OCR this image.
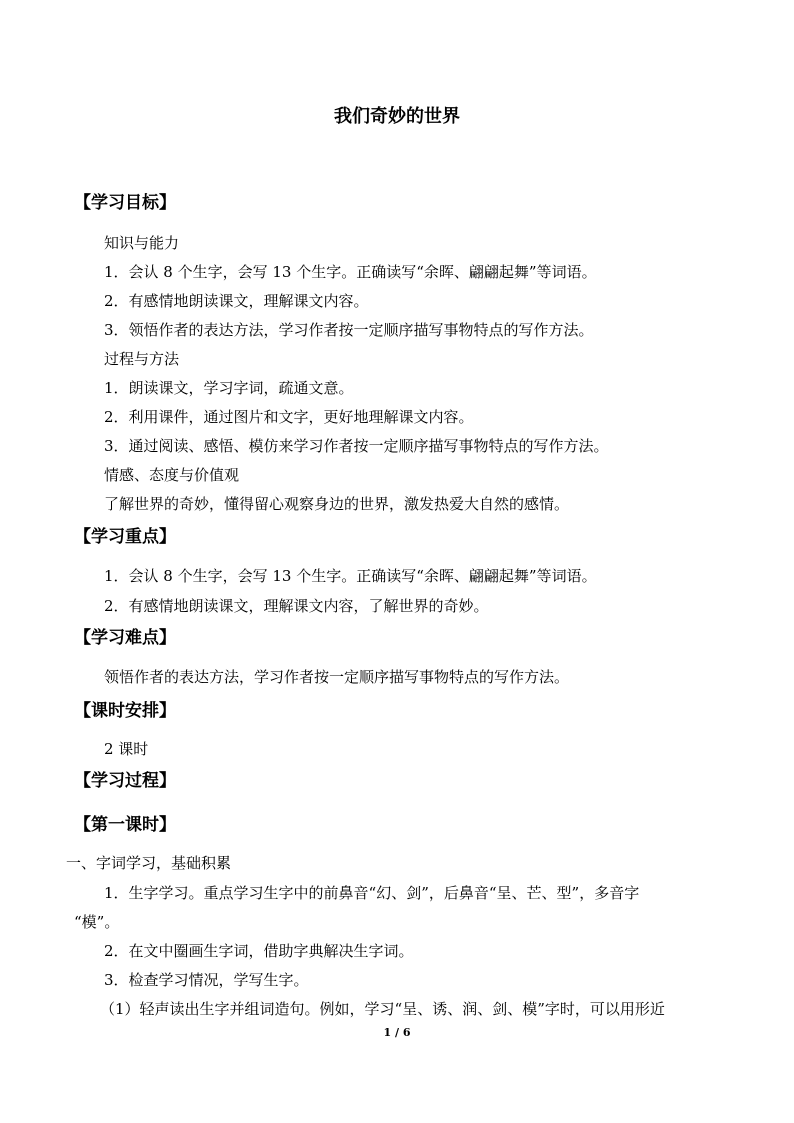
我们奇妙的世界
【学习目标】
知识与能力
1．会认 8 个生字，会写 13 个生字。正确读写“余晖、翩翩起舞”等词语。
2．有感情地朗读课文，理解课文内容。
3．领悟作者的表达方法，学习作者按一定顺序描写事物特点的写作方法。
过程与方法
1．朗读课文，学习字词，疏通文意。
2．利用课件，通过图片和文字，更好地理解课文内容。
3．通过阅读、感悟、模仿来学习作者按一定顺序描写事物特点的写作方法。
情感、态度与价值观
了解世界的奇妙，懂得留心观察身边的世界，激发热爱大自然的感情。
【学习重点】
1．会认 8 个生字，会写 13 个生字。正确读写“余晖、翩翩起舞”等词语。
2．有感情地朗读课文，理解课文内容，了解世界的奇妙。
【学习难点】
领悟作者的表达方法，学习作者按一定顺序描写事物特点的写作方法。
【课时安排】
2 课时
【学习过程】
【第一课时】
一、字词学习，基础积累
1．生字学习。重点学习生字中的前鼻音“幻、剑”，后鼻音“呈、芒、型”，多音字
“模”。
2．在文中圈画生字词，借助字典解决生字词。
3．检查学习情况，学写生字。
（1）轻声读出生字并组词造句。例如，学习“呈、诱、润、剑、模”字时，可以用形近
1 / 6
